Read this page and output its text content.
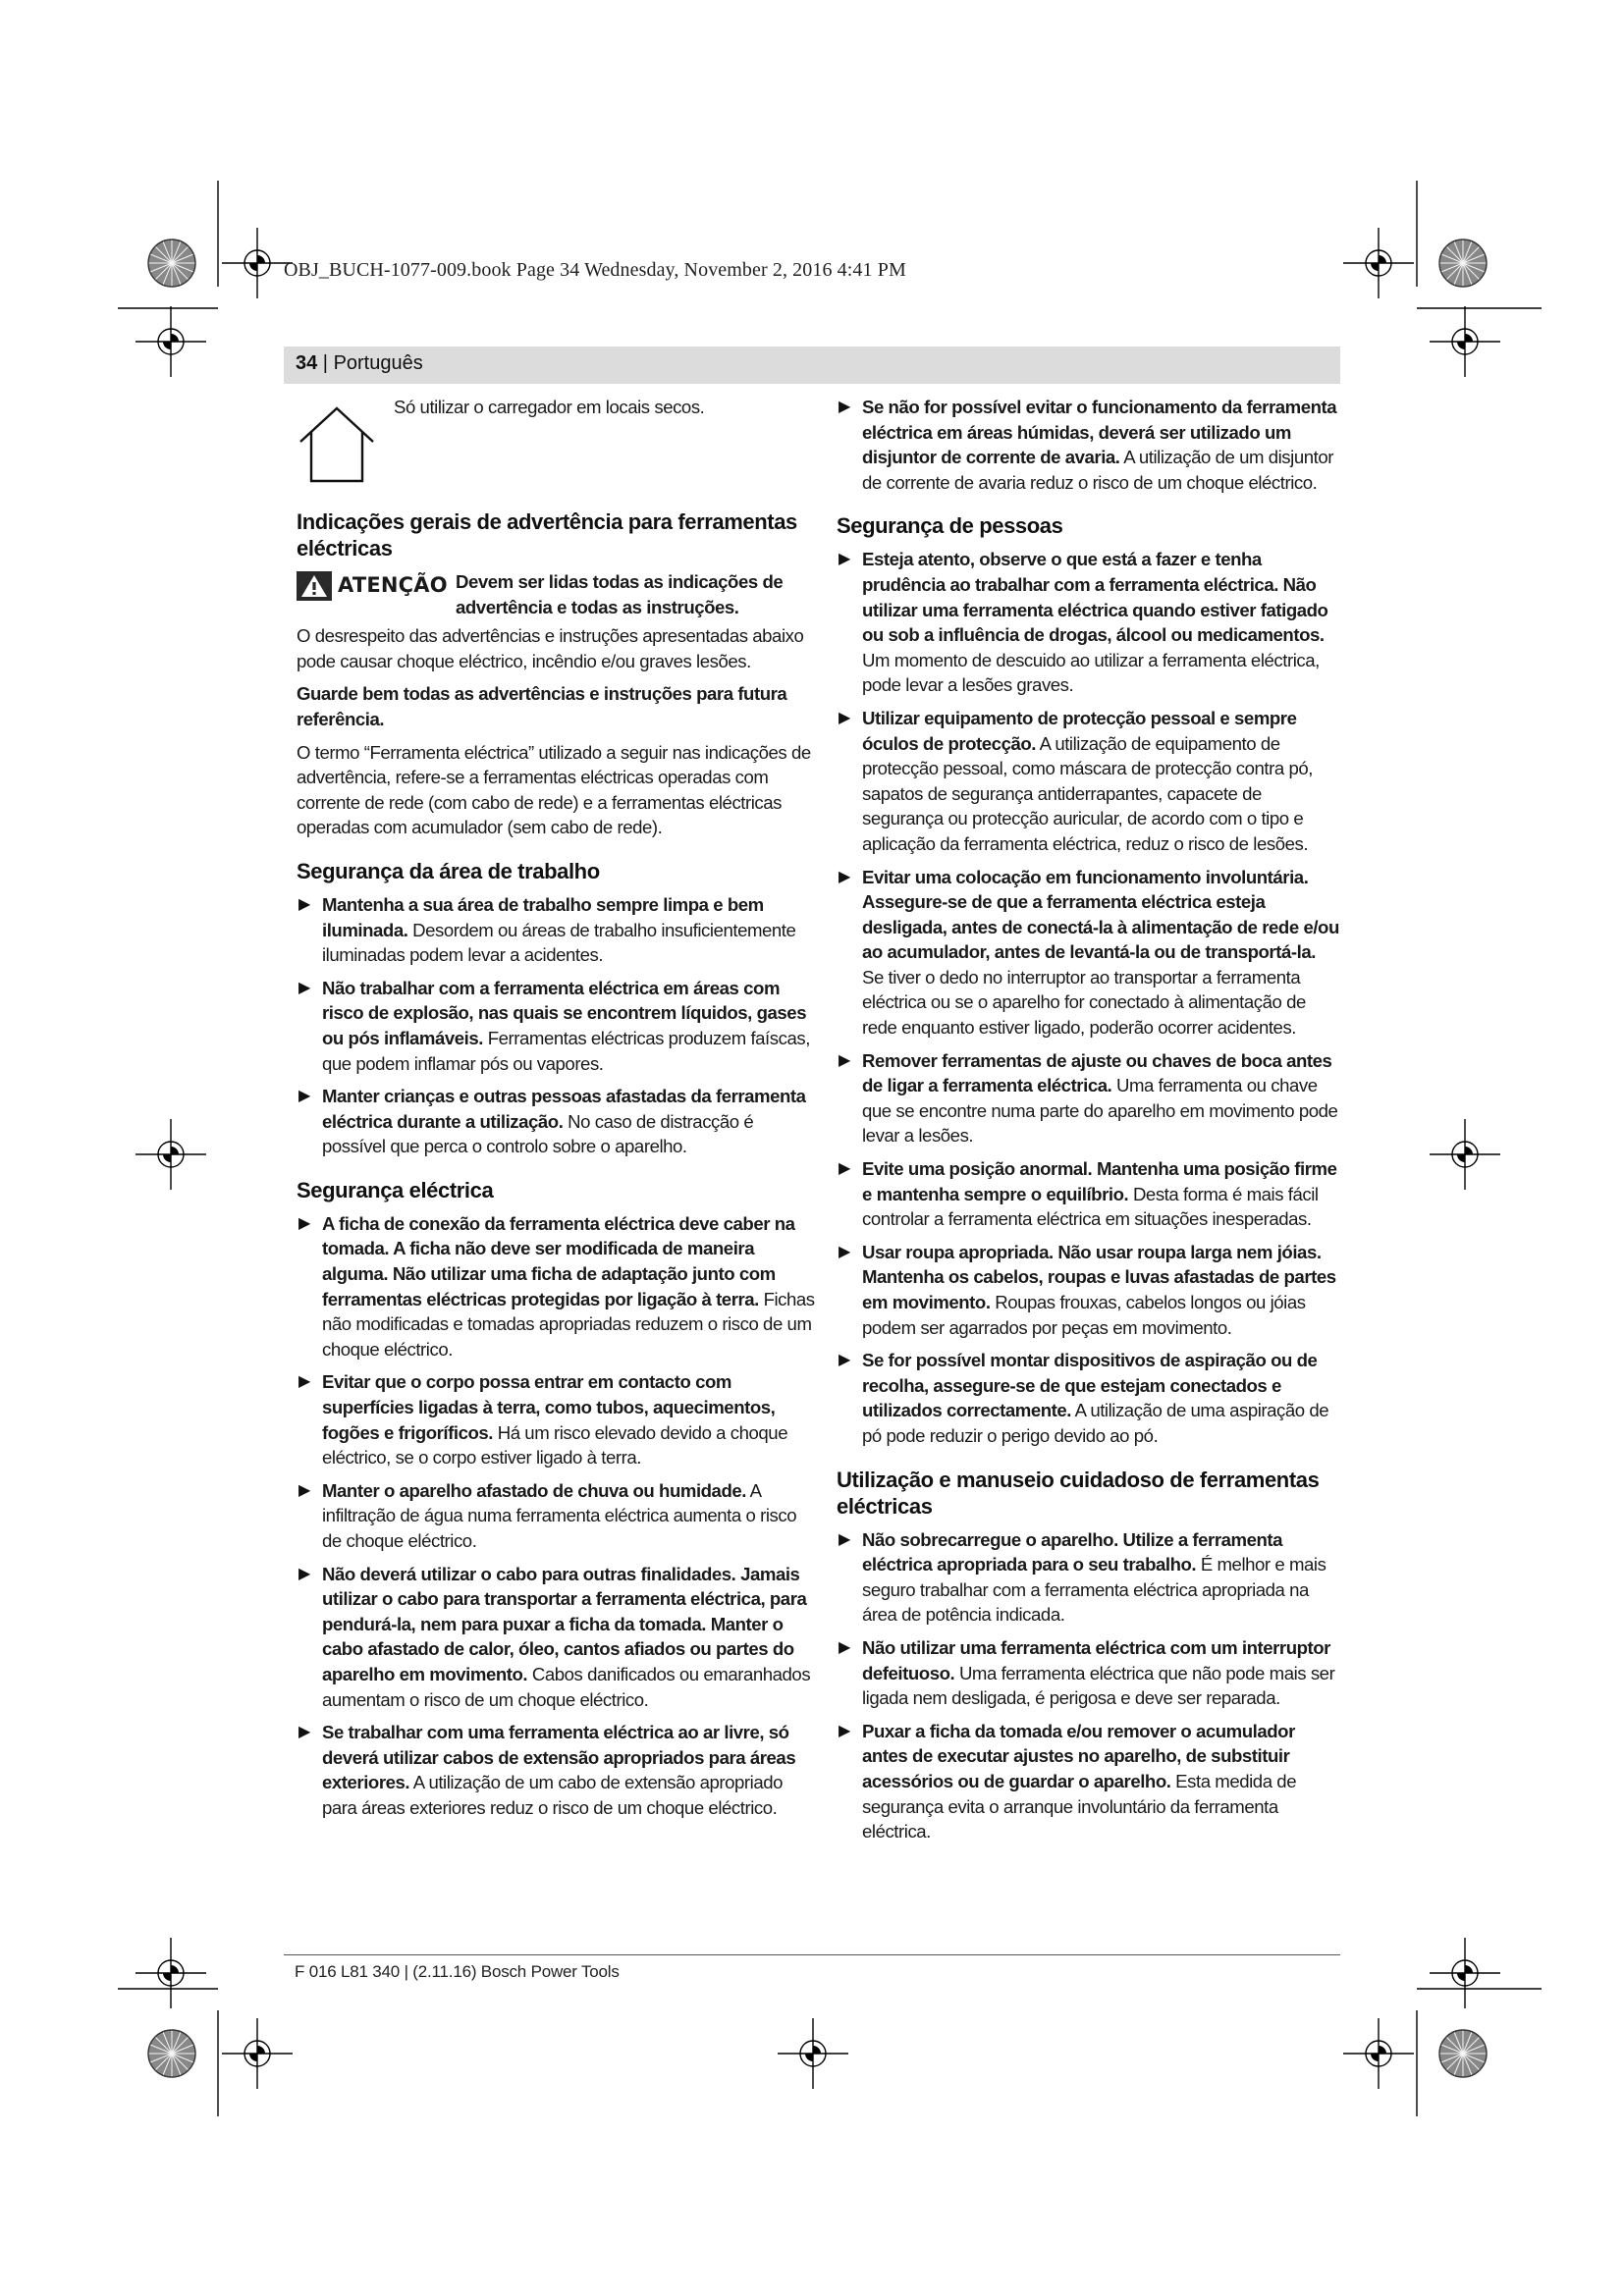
OBJ_BUCH-1077-009.book Page 34 Wednesday, November 2, 2016 4:41 PM
34 | Português
Só utilizar o carregador em locais secos.
Indicações gerais de advertência para ferramentas eléctricas
ATENÇÃO Devem ser lidas todas as indicações de advertência e todas as instruções.

O desrespeito das advertências e instruções apresentadas abaixo pode causar choque eléctrico, incêndio e/ou graves lesões.

Guarde bem todas as advertências e instruções para futura referência.

O termo “Ferramenta eléctrica” utilizado a seguir nas indicações de advertência, refere-se a ferramentas eléctricas operadas com corrente de rede (com cabo de rede) e a ferramentas eléctricas operadas com acumulador (sem cabo de rede).

Segurança da área de trabalho
▶ Mantenha a sua área de trabalho sempre limpa e bem iluminada. Desordem ou áreas de trabalho insuficientemente iluminadas podem levar a acidentes.
▶ Não trabalhar com a ferramenta eléctrica em áreas com risco de explosão, nas quais se encontrem líquidos, gases ou pós inflamáveis. Ferramentas eléctricas produzem faíscas, que podem inflamar pós ou vapores.
▶ Manter crianças e outras pessoas afastadas da ferramenta eléctrica durante a utilização. No caso de distracção é possível que perca o controlo sobre o aparelho.
Segurança eléctrica
▶ A ficha de conexão da ferramenta eléctrica deve caber na tomada. A ficha não deve ser modificada de maneira alguma. Não utilizar uma ficha de adaptação junto com ferramentas eléctricas protegidas por ligação à terra. Fichas não modificadas e tomadas apropriadas reduzem o risco de um choque eléctrico.
▶ Evitar que o corpo possa entrar em contacto com superfícies ligadas à terra, como tubos, aquecimentos, fogões e frigoríficos. Há um risco elevado devido a choque eléctrico, se o corpo estiver ligado à terra.
▶ Manter o aparelho afastado de chuva ou humidade. A infiltração de água numa ferramenta eléctrica aumenta o risco de choque eléctrico.
▶ Não deverá utilizar o cabo para outras finalidades. Jamais utilizar o cabo para transportar a ferramenta eléctrica, para pendurá-la, nem para puxar a ficha da tomada. Manter o cabo afastado de calor, óleo, cantos afiados ou partes do aparelho em movimento. Cabos danificados ou emaranhados aumentam o risco de um choque eléctrico.
▶ Se trabalhar com uma ferramenta eléctrica ao ar livre, só deverá utilizar cabos de extensão apropriados para áreas exteriores. A utilização de um cabo de extensão apropriado para áreas exteriores reduz o risco de um choque eléctrico.
▶ Se não for possível evitar o funcionamento da ferramenta eléctrica em áreas húmidas, deverá ser utilizado um disjuntor de corrente de avaria. A utilização de um disjuntor de corrente de avaria reduz o risco de um choque eléctrico.
Segurança de pessoas
▶ Esteja atento, observe o que está a fazer e tenha prudência ao trabalhar com a ferramenta eléctrica. Não utilizar uma ferramenta eléctrica quando estiver fatigado ou sob a influência de drogas, álcool ou medicamentos. Um momento de descuido ao utilizar a ferramenta eléctrica, pode levar a lesões graves.
▶ Utilizar equipamento de protecção pessoal e sempre óculos de protecção. A utilização de equipamento de protecção pessoal, como máscara de protecção contra pó, sapatos de segurança antiderrapantes, capacete de segurança ou protecção auricular, de acordo com o tipo e aplicação da ferramenta eléctrica, reduz o risco de lesões.
▶ Evitar uma colocação em funcionamento involuntária. Assegure-se de que a ferramenta eléctrica esteja desligada, antes de conectá-la à alimentação de rede e/ou ao acumulador, antes de levantá-la ou de transportá-la. Se tiver o dedo no interruptor ao transportar a ferramenta eléctrica ou se o aparelho for conectado à alimentação de rede enquanto estiver ligado, poderão ocorrer acidentes.
▶ Remover ferramentas de ajuste ou chaves de boca antes de ligar a ferramenta eléctrica. Uma ferramenta ou chave que se encontre numa parte do aparelho em movimento pode levar a lesões.
▶ Evite uma posição anormal. Mantenha uma posição firme e mantenha sempre o equilíbrio. Desta forma é mais fácil controlar a ferramenta eléctrica em situações inesperadas.
▶ Usar roupa apropriada. Não usar roupa larga nem jóias. Mantenha os cabelos, roupas e luvas afastadas de partes em movimento. Roupas frouxas, cabelos longos ou jóias podem ser agarrados por peças em movimento.
▶ Se for possível montar dispositivos de aspiração ou de recolha, assegure-se de que estejam conectados e utilizados correctamente. A utilização de uma aspiração de pó pode reduzir o perigo devido ao pó.
Utilização e manuseio cuidadoso de ferramentas eléctricas
▶ Não sobrecarregue o aparelho. Utilize a ferramenta eléctrica apropriada para o seu trabalho. É melhor e mais seguro trabalhar com a ferramenta eléctrica apropriada na área de potência indicada.
▶ Não utilizar uma ferramenta eléctrica com um interruptor defeituoso. Uma ferramenta eléctrica que não pode mais ser ligada nem desligada, é perigosa e deve ser reparada.
▶ Puxar a ficha da tomada e/ou remover o acumulador antes de executar ajustes no aparelho, de substituir acessórios ou de guardar o aparelho. Esta medida de segurança evita o arranque involuntário da ferramenta eléctrica.
F 016 L81 340 | (2.11.16) Bosch Power Tools
